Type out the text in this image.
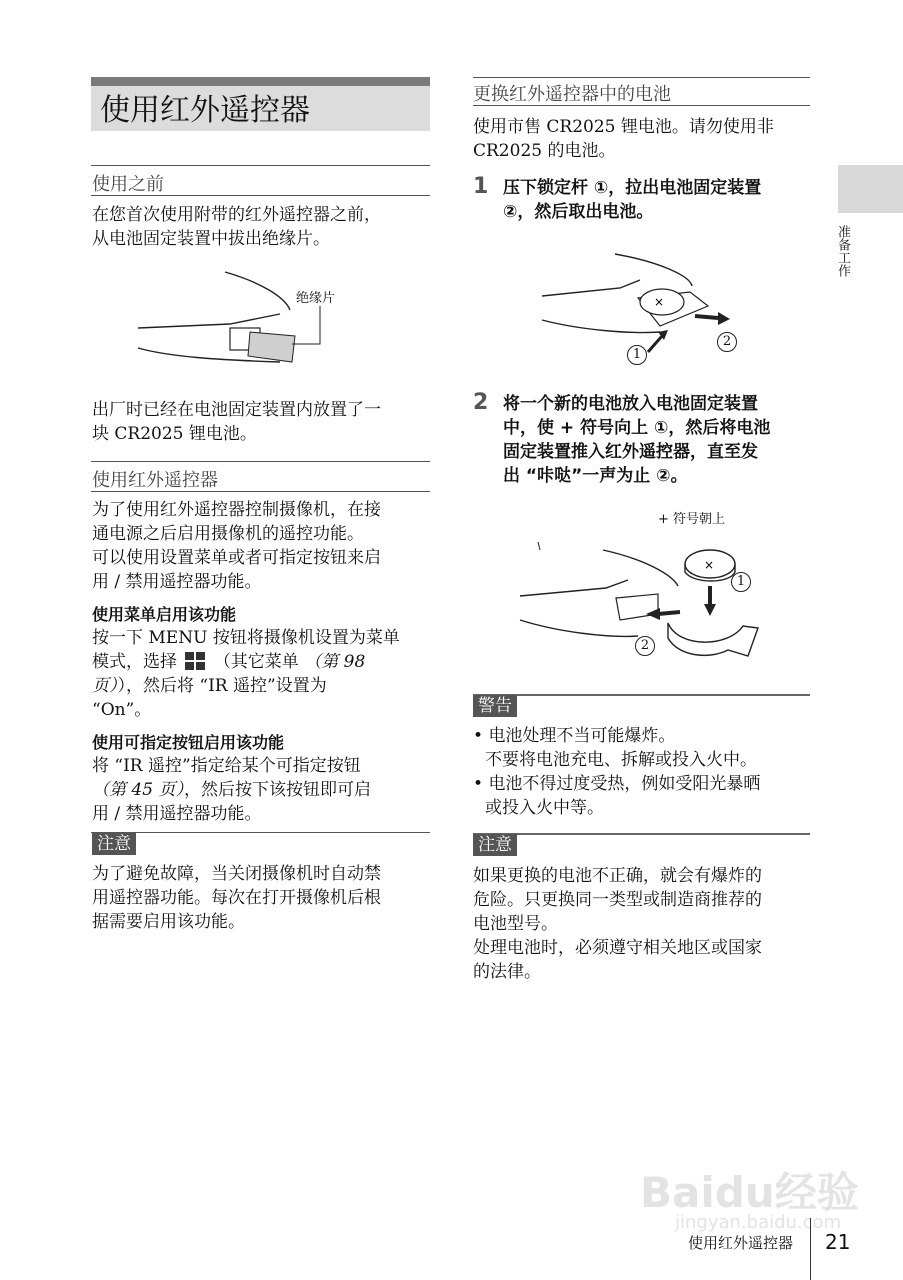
使用红外遥控器
使用之前
在您首次使用附带的红外遥控器之前，
从电池固定装置中拔出绝缘片。
绝缘片
出厂时已经在电池固定装置内放置了一
块 CR2025 锂电池。
使用红外遥控器
为了使用红外遥控器控制摄像机，在接
通电源之后启用摄像机的遥控功能。
可以使用设置菜单或者可指定按钮来启
用 / 禁用遥控器功能。
使用菜单启用该功能
按一下 MENU 按钮将摄像机设置为菜单
模式，选择 （其它菜单 （第 98
页）），然后将 “IR 遥控”设置为
“On”。
使用可指定按钮启用该功能
将 “IR 遥控”指定给某个可指定按钮
（第 45 页），然后按下该按钮即可启
用 / 禁用遥控器功能。
注意
为了避免故障，当关闭摄像机时自动禁
用遥控器功能。每次在打开摄像机后根
据需要启用该功能。
更换红外遥控器中的电池
使用市售 CR2025 锂电池。请勿使用非
CR2025 的电池。
1 压下锁定杆 ①，拉出电池固定装置
②，然后取出电池。
×
1
2
2 将一个新的电池放入电池固定装置
中，使 + 符号向上 ①，然后将电池
固定装置推入红外遥控器，直至发
出 “咔哒”一声为止 ②。
+ 符号朝上
×
1
2
警告
• 电池处理不当可能爆炸。
不要将电池充电、拆解或投入火中。
• 电池不得过度受热，例如受阳光暴晒
或投入火中等。
注意
如果更换的电池不正确，就会有爆炸的
危险。只更换同一类型或制造商推荐的
电池型号。
处理电池时，必须遵守相关地区或国家
的法律。
准备工作
Baidu经验
jingyan.baidu.com
使用红外遥控器 21
